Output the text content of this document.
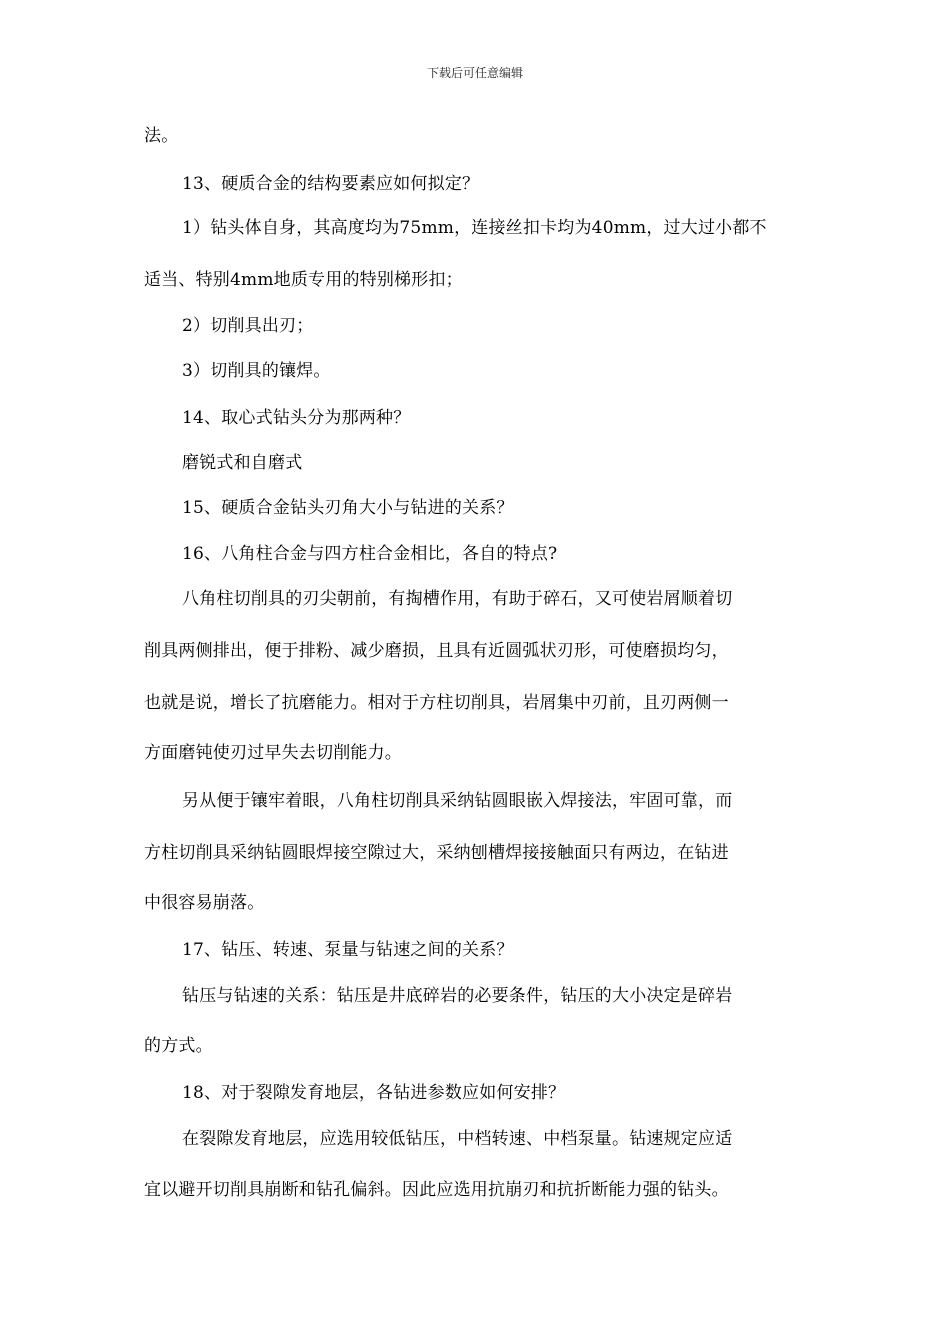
下载后可任意编辑
法。
13、硬质合金的结构要素应如何拟定？
1）钻头体自身，其高度均为75mm，连接丝扣卡均为40mm，过大过小都不
适当、特别4mm地质专用的特别梯形扣；
2）切削具出刃；
3）切削具的镶焊。
14、取心式钻头分为那两种？
磨锐式和自磨式
15、硬质合金钻头刃角大小与钻进的关系？
16、八角柱合金与四方柱合金相比，各自的特点?
八角柱切削具的刃尖朝前，有掏槽作用，有助于碎石，又可使岩屑顺着切
削具两侧排出，便于排粉、减少磨损，且具有近圆弧状刃形，可使磨损均匀，
也就是说，增长了抗磨能力。相对于方柱切削具，岩屑集中刃前，且刃两侧一
方面磨钝使刃过早失去切削能力。
另从便于镶牢着眼，八角柱切削具采纳钻圆眼嵌入焊接法，牢固可靠，而
方柱切削具采纳钻圆眼焊接空隙过大，采纳刨槽焊接接触面只有两边，在钻进
中很容易崩落。
17、钻压、转速、泵量与钻速之间的关系？
钻压与钻速的关系：钻压是井底碎岩的必要条件，钻压的大小决定是碎岩
的方式。
18、对于裂隙发育地层，各钻进参数应如何安排？
在裂隙发育地层，应选用较低钻压，中档转速、中档泵量。钻速规定应适
宜以避开切削具崩断和钻孔偏斜。因此应选用抗崩刃和抗折断能力强的钻头。
